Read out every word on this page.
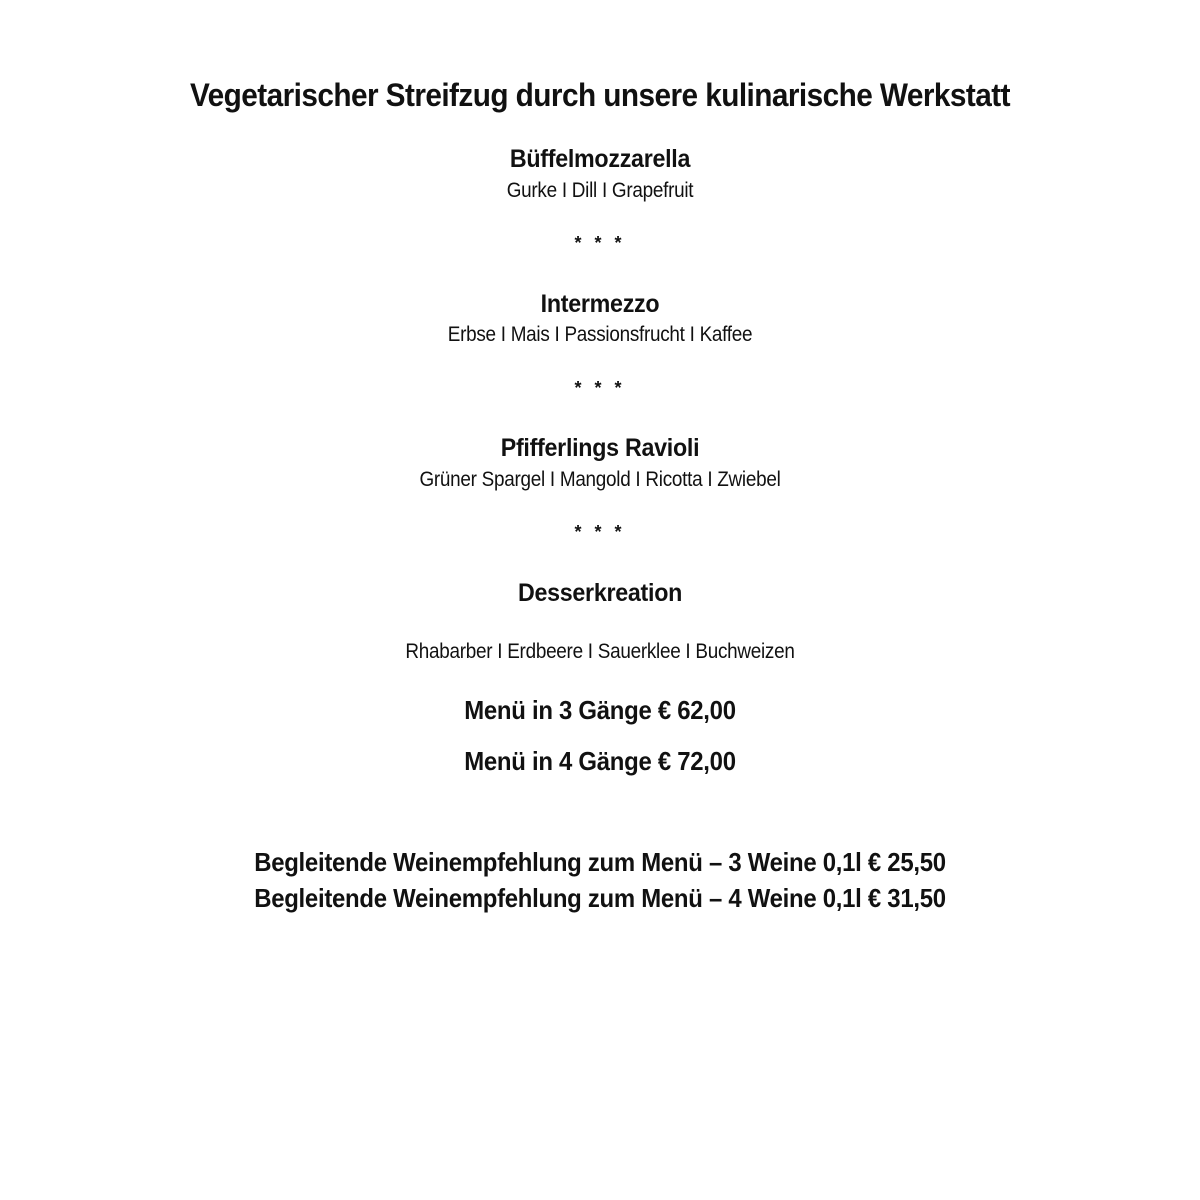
Vegetarischer Streifzug durch unsere kulinarische Werkstatt
Büffelmozzarella
Gurke I Dill I Grapefruit
* * *
Intermezzo
Erbse I Mais I Passionsfrucht I Kaffee
* * *
Pfifferlings Ravioli
Grüner Spargel I Mangold I Ricotta I Zwiebel
* * *
Desserkreation
Rhabarber I Erdbeere I Sauerklee I Buchweizen
Menü in 3 Gänge € 62,00
Menü in 4 Gänge € 72,00
Begleitende Weinempfehlung zum Menü – 3 Weine 0,1l € 25,50
Begleitende Weinempfehlung zum Menü – 4 Weine 0,1l € 31,50
